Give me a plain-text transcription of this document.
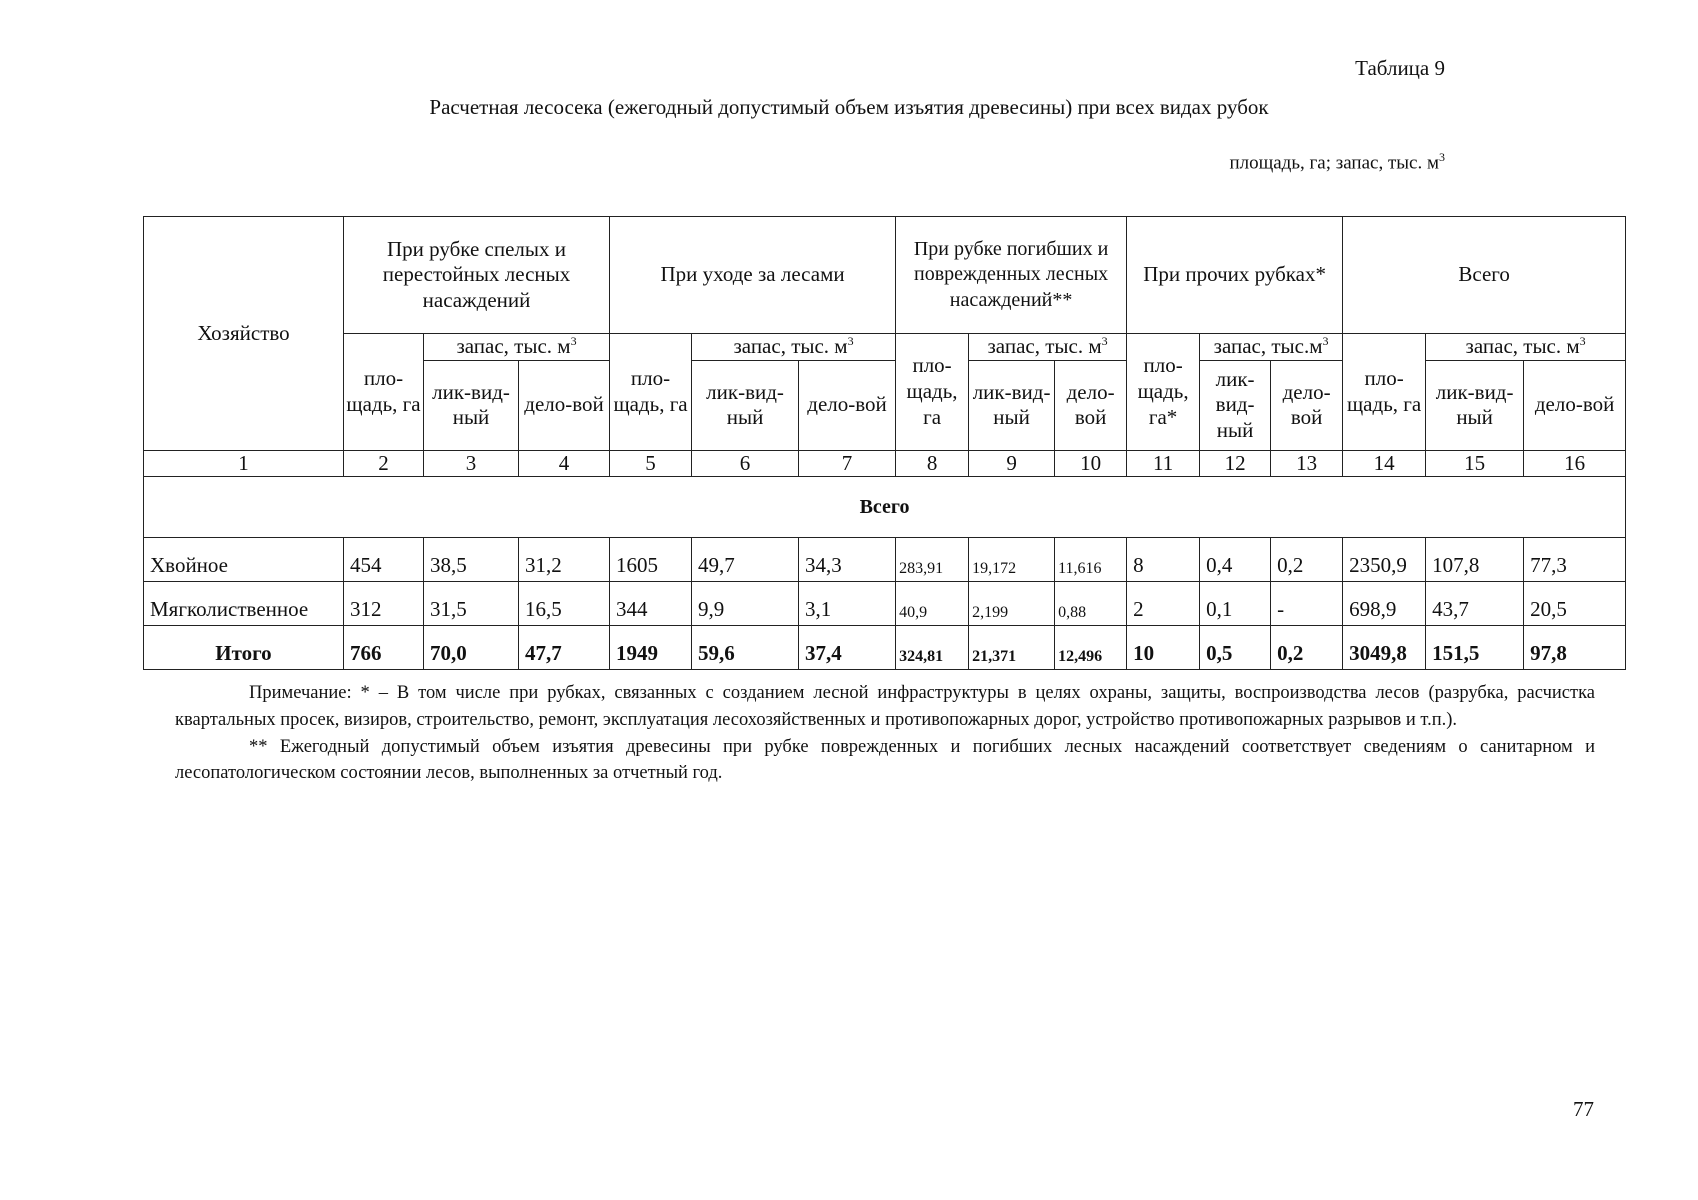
Таблица 9
Расчетная лесосека (ежегодный допустимый объем изъятия древесины) при всех видах рубок
площадь, га; запас, тыс. $м^3$
Хозяйство	При рубке спелых и перестойных лесных насаждений			При уходе за лесами			При рубке погибших и поврежденных лесных насаждений**			При прочих рубках*			Всего		
	пло-щадь, га	запас, тыс. $м^3$		пло-щадь, га	запас, тыс. $м^3$		пло-щадь, га	запас, тыс. $м^3$		пло-щадь, га*	запас, $тыс.м^3$		пло-щадь, га	запас, тыс. $м^3$
		лик-вид-ный	дело-вой		лик-вид-ный	дело-вой		лик-вид-ный	дело-вой		лик-вид-ный	дело-вой		лик-вид-ный	дело-вой
1	2	3	4	5	6	7	8	9	10	11	12	13	14	15	16
Всего															
Хвойное	454	38,5	31,2	1605	49,7	34,3	283,91	19,172	11,616	8	0,4	0,2	2350,9	107,8	77,3
Мягколиственное	312	31,5	16,5	344	9,9	3,1	40,9	2,199	0,88	2	0,1	-	698,9	43,7	20,5
Итого	766	70,0	47,7	1949	59,6	37,4	324,81	21,371	12,496	10	0,5	0,2	3049,8	151,5	97,8

Примечание: * – В том числе при рубках, связанных с созданием лесной инфраструктуры в целях охраны, защиты, воспроизводства лесов (разрубка, расчистка квартальных просек, визиров, строительство, ремонт, эксплуатация лесохозяйственных и противопожарных дорог, устройство противопожарных разрывов и т.п.).

** Ежегодный допустимый объем изъятия древесины при рубке поврежденных и погибших лесных насаждений соответствует сведениям о санитарном и лесопатологическом состоянии лесов, выполненных за отчетный год.

77
